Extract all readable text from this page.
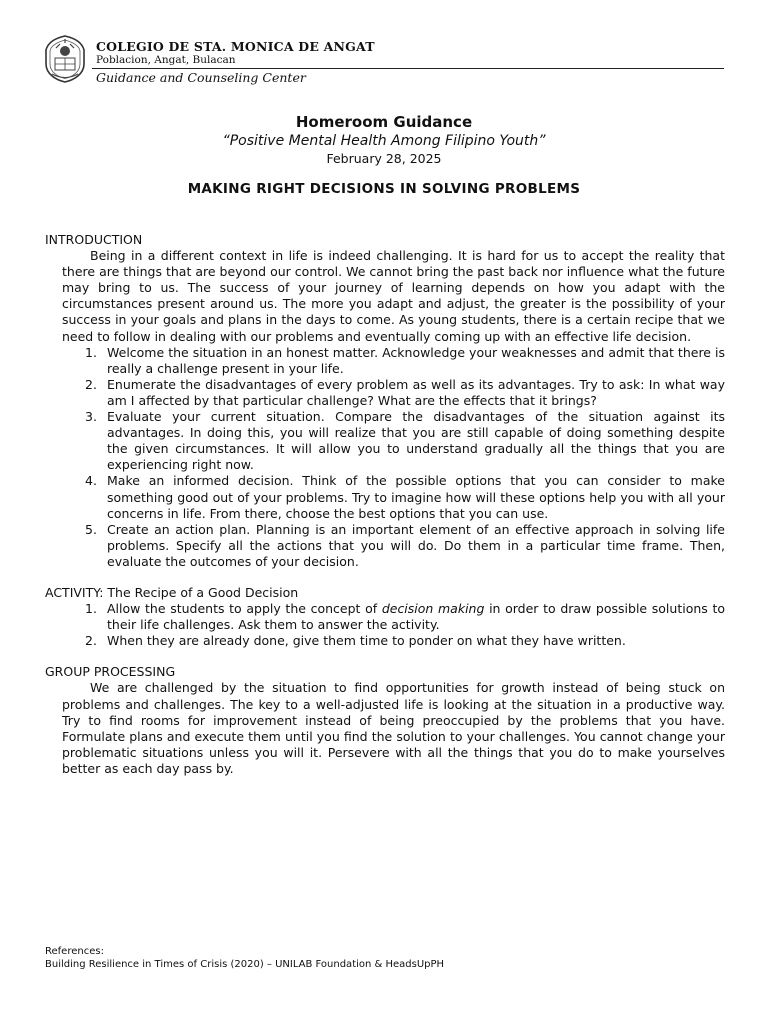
COLEGIO DE STA. MONICA DE ANGAT
Poblacion, Angat, Bulacan
Guidance and Counseling Center
Homeroom Guidance
“Positive Mental Health Among Filipino Youth”
February 28, 2025
MAKING RIGHT DECISIONS IN SOLVING PROBLEMS

INTRODUCTION

Being in a different context in life is indeed challenging. It is hard for us to accept the reality that there are things that are beyond our control. We cannot bring the past back nor influence what the future may bring to us. The success of your journey of learning depends on how you adapt with the circumstances present around us. The more you adapt and adjust, the greater is the possibility of your success in your goals and plans in the days to come. As young students, there is a certain recipe that we need to follow in dealing with our problems and eventually coming up with an effective life decision.

1. Welcome the situation in an honest matter. Acknowledge your weaknesses and admit that there is really a challenge present in your life.
2. Enumerate the disadvantages of every problem as well as its advantages. Try to ask: In what way am I affected by that particular challenge? What are the effects that it brings?
3. Evaluate your current situation. Compare the disadvantages of the situation against its advantages. In doing this, you will realize that you are still capable of doing something despite the given circumstances. It will allow you to understand gradually all the things that you are experiencing right now.
4. Make an informed decision. Think of the possible options that you can consider to make something good out of your problems. Try to imagine how will these options help you with all your concerns in life. From there, choose the best options that you can use.
5. Create an action plan. Planning is an important element of an effective approach in solving life problems. Specify all the actions that you will do. Do them in a particular time frame. Then, evaluate the outcomes of your decision.

ACTIVITY: The Recipe of a Good Decision

1. Allow the students to apply the concept of decision making in order to draw possible solutions to their life challenges. Ask them to answer the activity.
2. When they are already done, give them time to ponder on what they have written.

GROUP PROCESSING

We are challenged by the situation to find opportunities for growth instead of being stuck on problems and challenges. The key to a well-adjusted life is looking at the situation in a productive way. Try to find rooms for improvement instead of being preoccupied by the problems that you have. Formulate plans and execute them until you find the solution to your challenges. You cannot change your problematic situations unless you will it. Persevere with all the things that you do to make yourselves better as each day pass by.

References:
Building Resilience in Times of Crisis (2020) – UNILAB Foundation & HeadsUpPH
